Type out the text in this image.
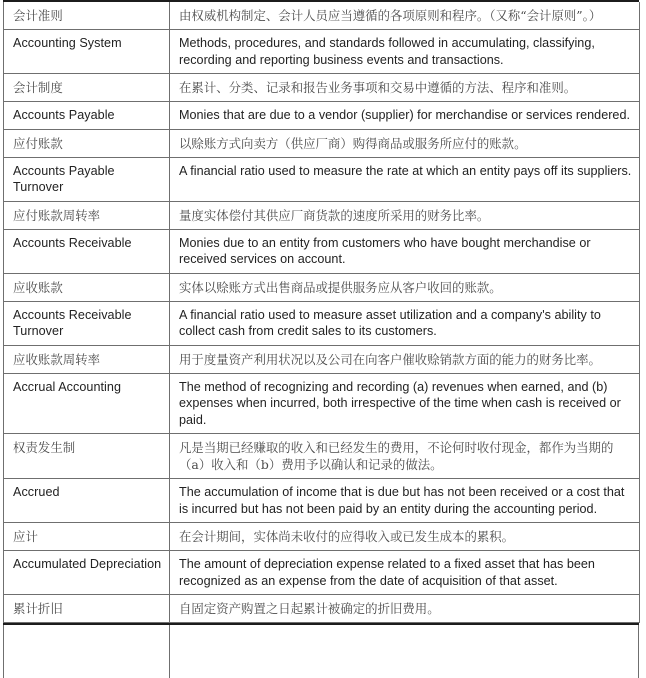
会计准则	由权威机构制定、会计人员应当遵循的各项原则和程序。（又称“会计原则”。）
Accounting System	Methods, procedures, and standards followed in accumulating, classifying, recording and reporting business events and transactions.
会计制度	在累计、分类、记录和报告业务事项和交易中遵循的方法、程序和准则。
Accounts Payable	Monies that are due to a vendor (supplier) for merchandise or services rendered.
应付账款	以赊账方式向卖方（供应厂商）购得商品或服务所应付的账款。
Accounts Payable Turnover	A financial ratio used to measure the rate at which an entity pays off its suppliers.
应付账款周转率	量度实体偿付其供应厂商货款的速度所采用的财务比率。
Accounts Receivable	Monies due to an entity from customers who have bought merchandise or received services on account.
应收账款	实体以赊账方式出售商品或提供服务应从客户收回的账款。
Accounts Receivable Turnover	A financial ratio used to measure asset utilization and a company's ability to collect cash from credit sales to its customers.
应收账款周转率	用于度量资产利用状况以及公司在向客户催收赊销款方面的能力的财务比率。
Accrual Accounting	The method of recognizing and recording (a) revenues when earned, and (b) expenses when incurred, both irrespective of the time when cash is received or paid.
权责发生制	凡是当期已经赚取的收入和已经发生的费用，不论何时收付现金，都作为当期的（a）收入和（b）费用予以确认和记录的做法。
Accrued	The accumulation of income that is due but has not been received or a cost that is incurred but has not been paid by an entity during the accounting period.
应计	在会计期间，实体尚未收付的应得收入或已发生成本的累积。
Accumulated Depreciation	The amount of depreciation expense related to a fixed asset that has been recognized as an expense from the date of acquisition of that asset.
累计折旧	自固定资产购置之日起累计被确定的折旧费用。
